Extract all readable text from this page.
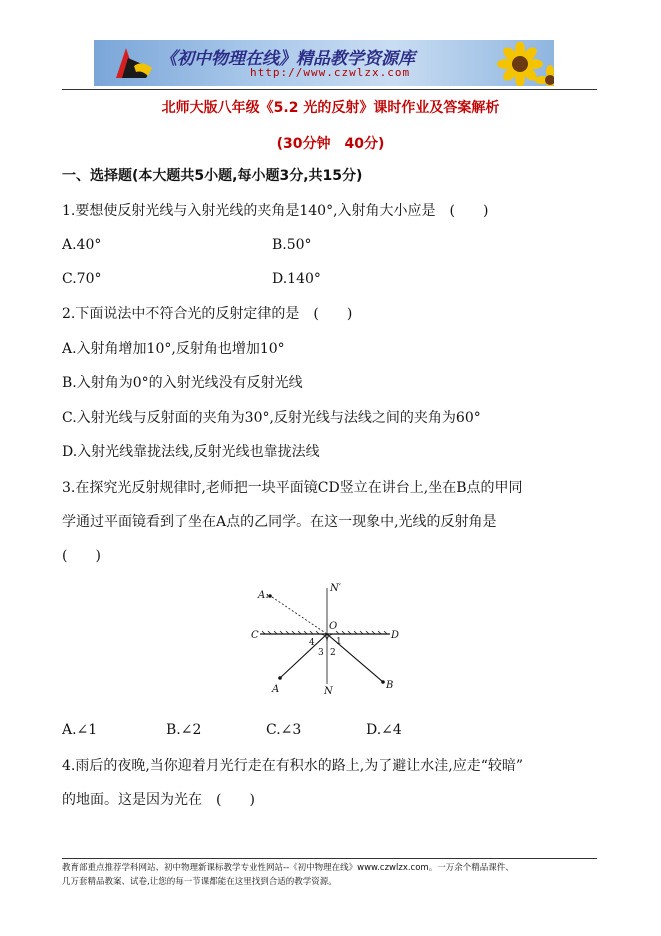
《初中物理在线》精品教学资源库
http://www.czwlzx.com
北师大版八年级《5.2 光的反射》课时作业及答案解析
(30分钟　40分)
一、选择题(本大题共5小题,每小题3分,共15分)
1.要想使反射光线与入射光线的夹角是140°,入射角大小应是　(　　)
A.40°	B.50°
C.70°	D.140°
2.下面说法中不符合光的反射定律的是　(　　)
A.入射角增加10°,反射角也增加10°
B.入射角为0°的入射光线没有反射光线
C.入射光线与反射面的夹角为30°,反射光线与法线之间的夹角为60°
D.入射光线靠拢法线,反射光线也靠拢法线
3.在探究光反射规律时,老师把一块平面镜CD竖立在讲台上,坐在B点的甲同
学通过平面镜看到了坐在A点的乙同学。在这一现象中,光线的反射角是
(　　)
A₁
N′
C
O
D
4 1
3 2
A	N
B
A.∠1	B.∠2	C.∠3	D.∠4
4.雨后的夜晚,当你迎着月光行走在有积水的路上,为了避让水洼,应走“较暗”
的地面。这是因为光在　(　　)
教育部重点推荐学科网站、初中物理新课标教学专业性网站--《初中物理在线》www.czwlzx.com。一万余个精品课件、
几万套精品教案、试卷,让您的每一节课都能在这里找到合适的教学资源。
